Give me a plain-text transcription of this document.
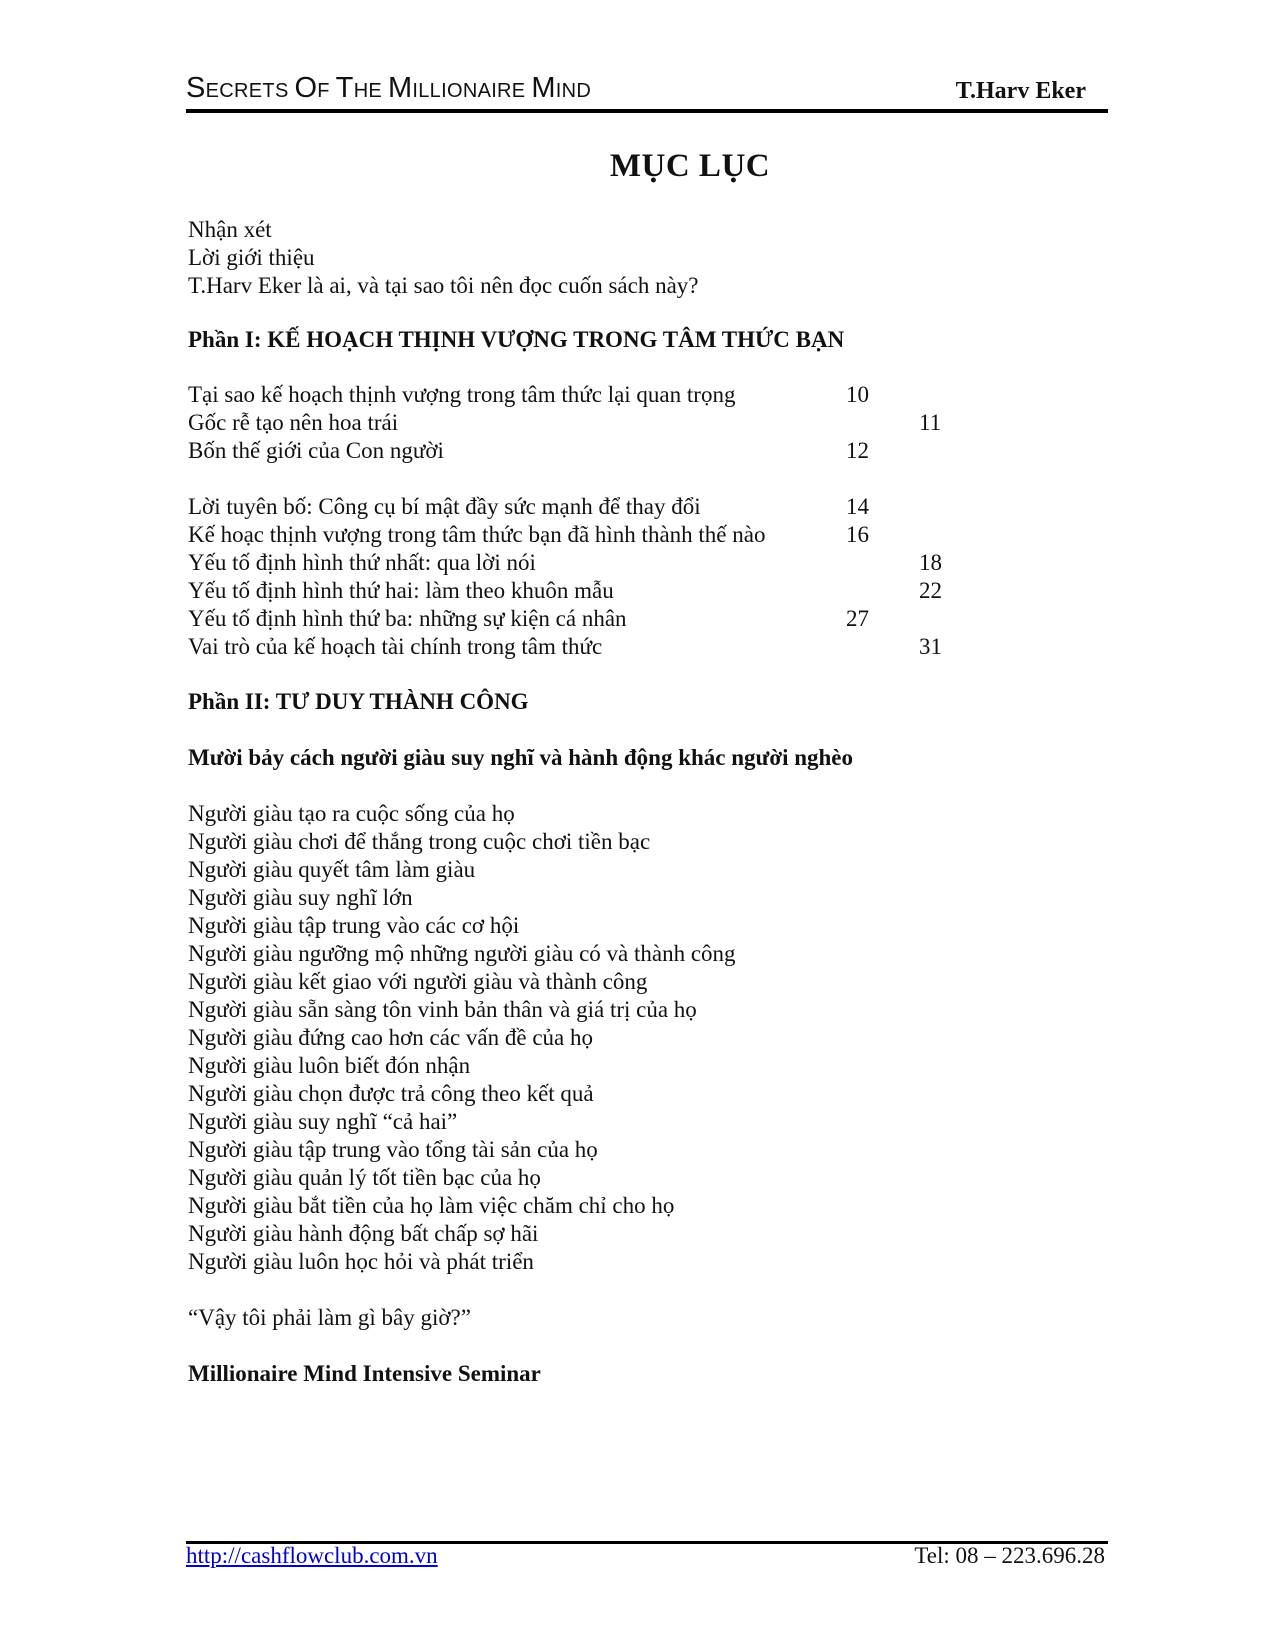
SECRETS OF THE MILLIONAIRE MIND	T.Harv Eker
MỤC LỤC
Nhận xét
Lời giới thiệu
T.Harv Eker là ai, và tại sao tôi nên đọc cuốn sách này?
Phần I: KẾ HOẠCH THỊNH VƯỢNG TRONG TÂM THỨC BẠN
Tại sao kế hoạch thịnh vượng trong tâm thức lại quan trọng	10
Gốc rễ tạo nên hoa trái	11
Bốn thế giới của Con người	12
Lời tuyên bố: Công cụ bí mật đầy sức mạnh để thay đổi	14
Kế hoạc thịnh vượng trong tâm thức bạn đã hình thành thế nào	16
Yếu tố định hình thứ nhất: qua lời nói	18
Yếu tố định hình thứ hai: làm theo khuôn mẫu	22
Yếu tố định hình thứ ba: những sự kiện cá nhân	27
Vai trò của kế hoạch tài chính trong tâm thức	31
Phần II: TƯ DUY THÀNH CÔNG
Mười bảy cách người giàu suy nghĩ và hành động khác người nghèo
Người giàu tạo ra cuộc sống của họ
Người giàu chơi để thắng trong cuộc chơi tiền bạc
Người giàu quyết tâm làm giàu
Người giàu suy nghĩ lớn
Người giàu tập trung vào các cơ hội
Người giàu ngưỡng mộ những người giàu có và thành công
Người giàu kết giao với người giàu và thành công
Người giàu sẵn sàng tôn vinh bản thân và giá trị của họ
Người giàu đứng cao hơn các vấn đề của họ
Người giàu luôn biết đón nhận
Người giàu chọn được trả công theo kết quả
Người giàu suy nghĩ “cả hai”
Người giàu tập trung vào tổng tài sản của họ
Người giàu quản lý tốt tiền bạc của họ
Người giàu bắt tiền của họ làm việc chăm chỉ cho họ
Người giàu hành động bất chấp sợ hãi
Người giàu luôn học hỏi và phát triển
“Vậy tôi phải làm gì bây giờ?”
Millionaire Mind Intensive Seminar
http://cashflowclub.com.vn	Tel: 08 – 223.696.28
